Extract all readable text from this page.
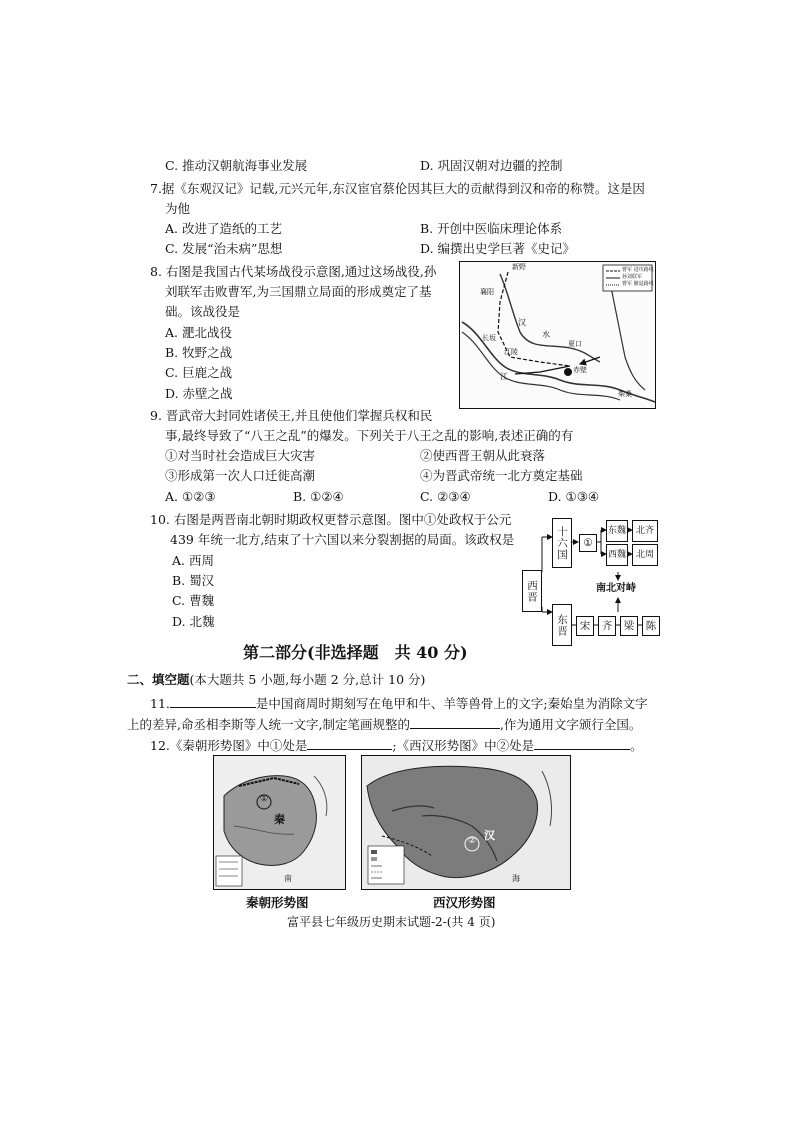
C. 推动汉朝航海事业发展	D. 巩固汉朝对边疆的控制
7.据《东观汉记》记载,元兴元年,东汉宦官蔡伦因其巨大的贡献得到汉和帝的称赞。这是因
为他
A. 改进了造纸的工艺	B. 开创中医临床理论体系
C. 发展“治未病”思想	D. 编撰出史学巨著《史记》
8. 右图是我国古代某场战役示意图,通过这场战役,孙
刘联军击败曹军,为三国鼎立局面的形成奠定了基
础。该战役是
A. 淝北战役
B. 牧野之战
C. 巨鹿之战
D. 赤壁之战
新野
襄阳
江陵
长坂
夏口
汉
水
江
柴桑
赤壁
曹军 进攻路线
孙刘联军
曹军 撤退路线
9. 晋武帝大封同姓诸侯王,并且使他们掌握兵权和民
事,最终导致了“八王之乱”的爆发。下列关于八王之乱的影响,表述正确的有
①对当时社会造成巨大灾害	②使西晋王朝从此衰落
③形成第一次人口迁徙高潮	④为晋武帝统一北方奠定基础
A. ①②③	B. ①②④	C. ②③④	D. ①③④
10. 右图是两晋南北朝时期政权更替示意图。图中①处政权于公元
439 年统一北方,结束了十六国以来分裂割据的局面。该政权是
A. 西周
B. 蜀汉
C. 曹魏
D. 北魏
西晋
十六国
东晋
①
东魏
西魏
北齐
北周
南北对峙
宋	齐	梁	陈
第二部分(非选择题　共 40 分)
二、填空题(本大题共 5 小题,每小题 2 分,总计 10 分)
11.	是中国商周时期刻写在龟甲和牛、羊等兽骨上的文字;秦始皇为消除文字
上的差异,命丞相李斯等人统一文字,制定笔画规整的	,作为通用文字颁行全国。
12.《秦朝形势图》中①处是	;《西汉形势图》中②处是	。
①
秦
南
秦朝形势图
② 汉
海
西汉形势图
富平县七年级历史期末试题-2-(共 4 页)
